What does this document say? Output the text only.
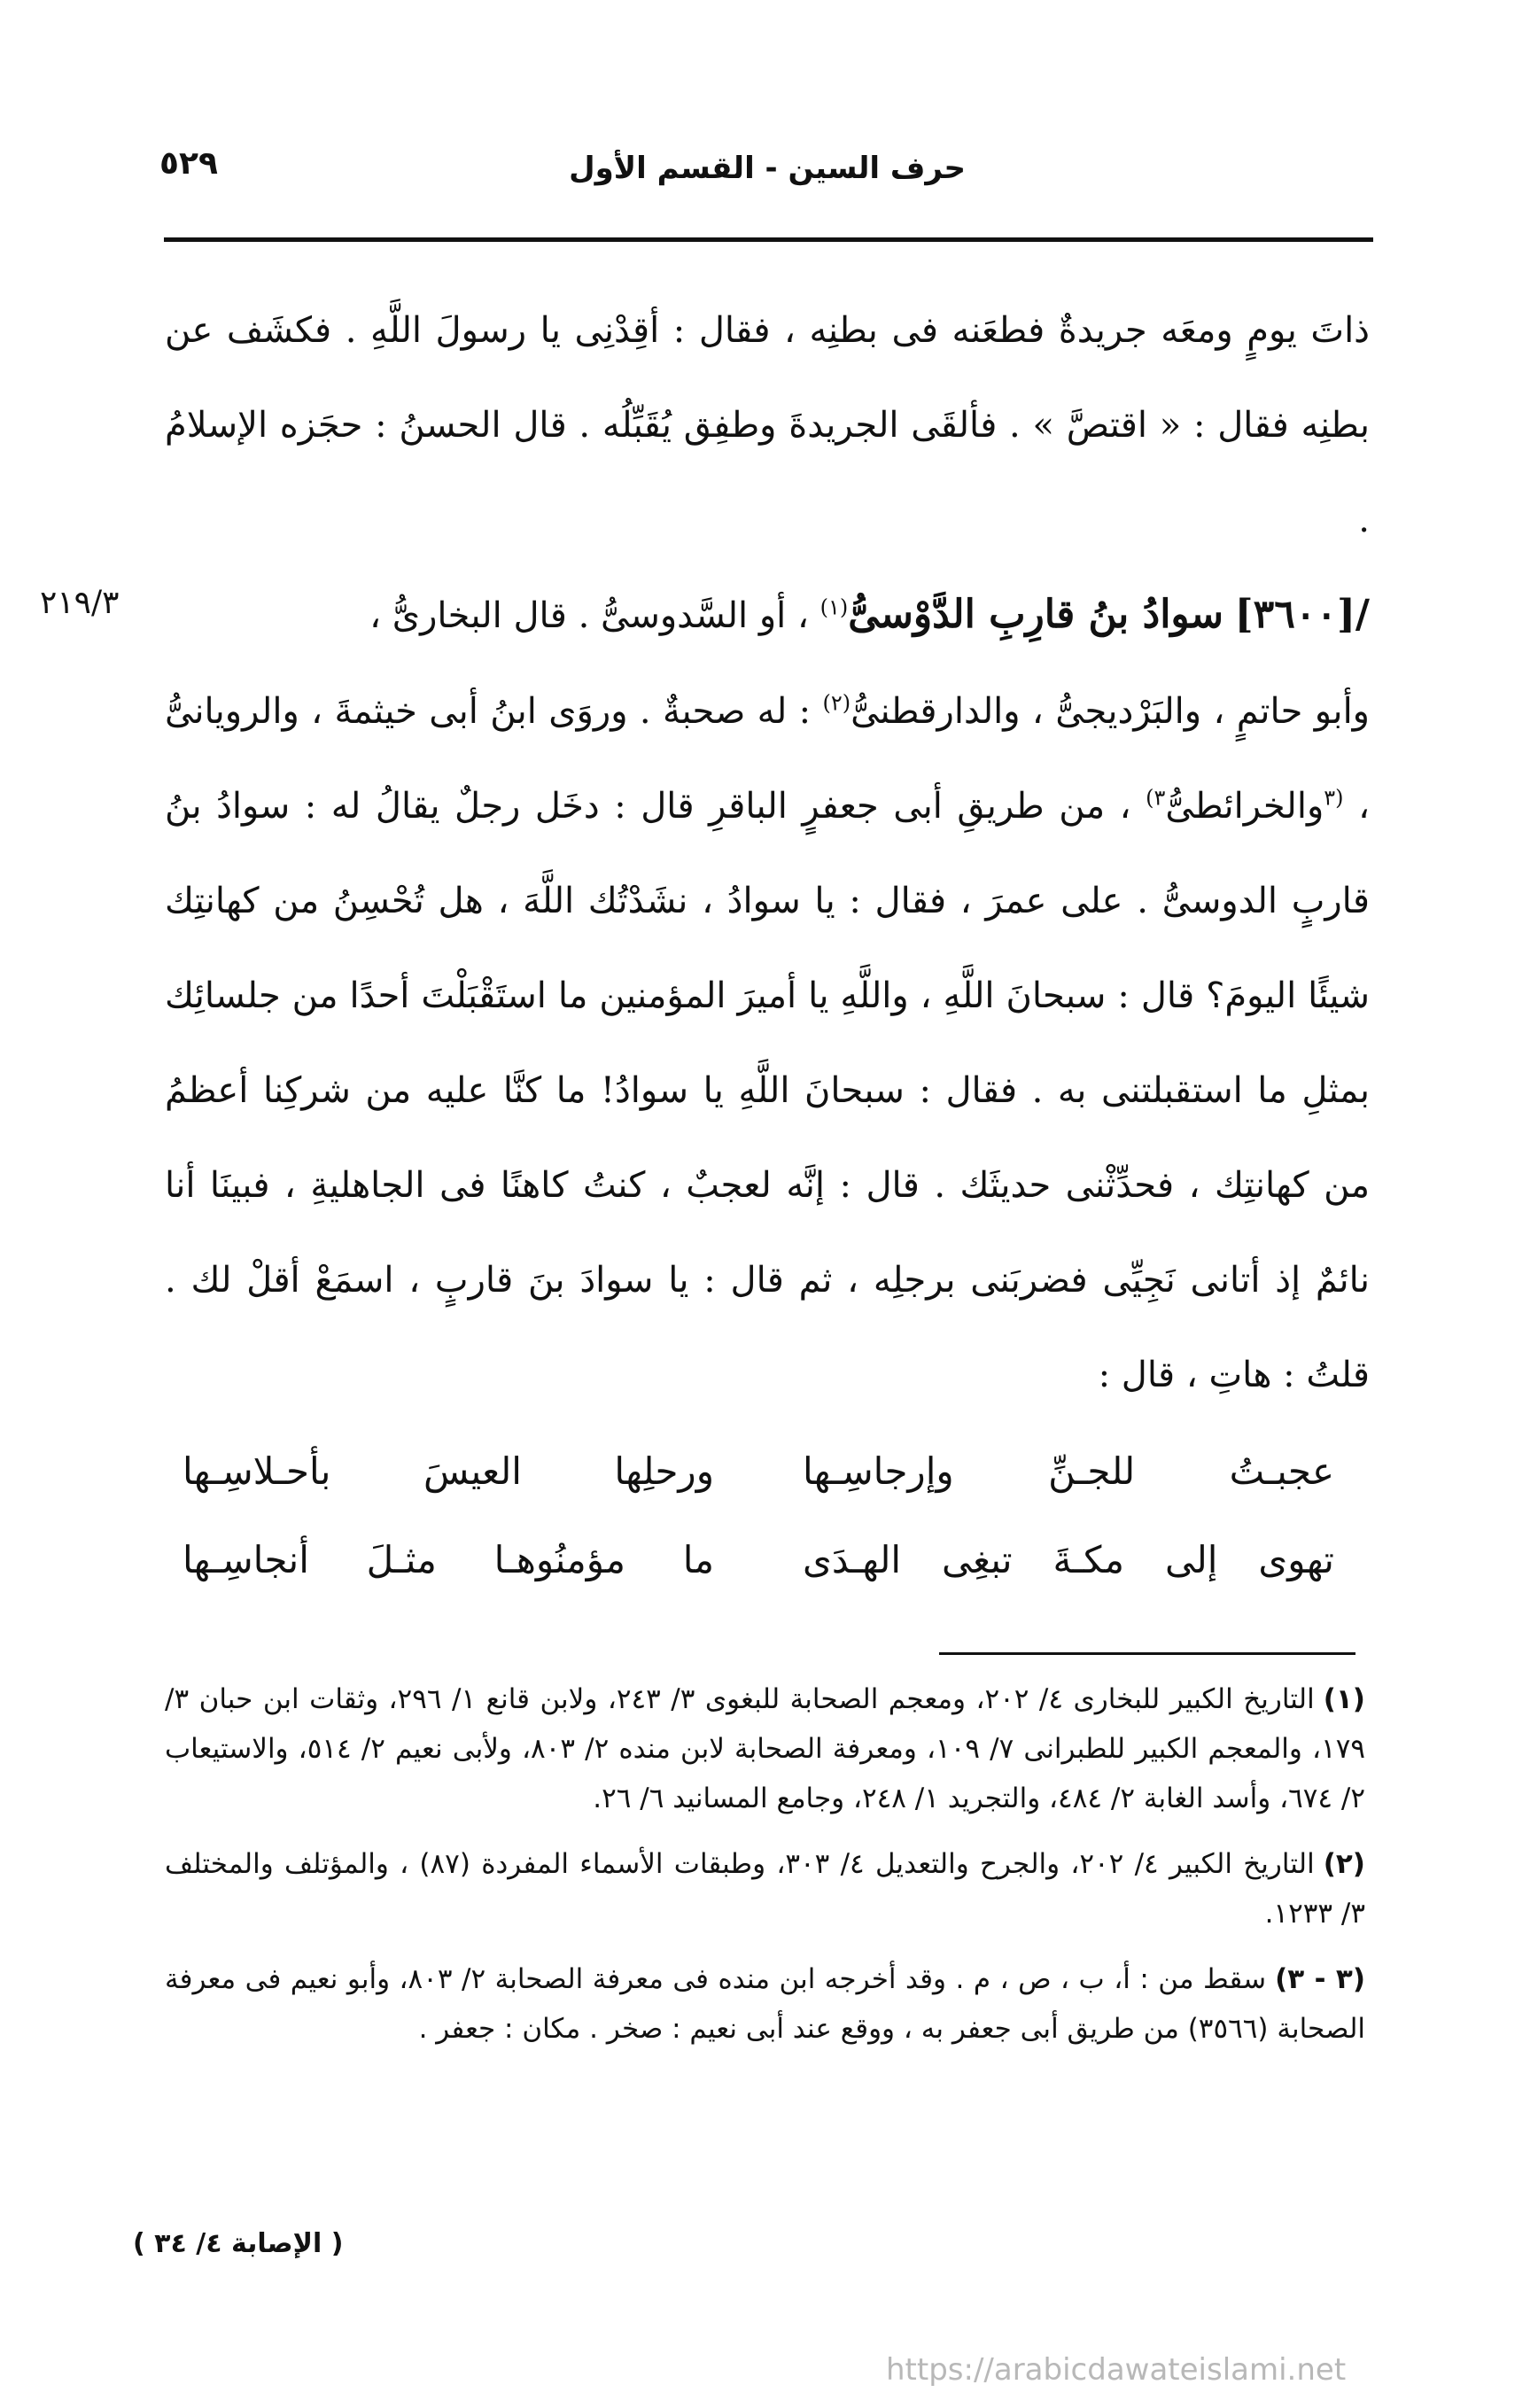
حرف السين - القسم الأول
٥٢٩

ذاتَ يومٍ ومعَه جريدةٌ فطعَنه فى بطنِه ، فقال : أقِدْنِى يا رسولَ اللَّهِ . فكشَف عن بطنِه فقال : « اقتصَّ » . فألقَى الجريدةَ وطفِق يُقَبِّلُه . قال الحسنُ : حجَزه الإسلامُ .

/[٣٦٠٠] سوادُ بنُ قارِبِ الدَّوْسىُّ$^{(١)}$ ، أو السَّدوسىُّ . قال البخارىُّ ،
٢١٩/٣
وأبو حاتمٍ ، والبَرْديجىُّ ، والدارقطنىُّ$^{(٢)}$ : له صحبةٌ . وروَى ابنُ أبى خيثمةَ ، والرويانىُّ ، $^{(٣}$والخرائطىُّ$^{٣)}$ ، من طريقِ أبى جعفرٍ الباقرِ قال : دخَل رجلٌ يقالُ له : سوادُ بنُ قاربٍ الدوسىُّ . على عمرَ ، فقال : يا سوادُ ، نشَدْتُك اللَّهَ ، هل تُحْسِنُ من كهانتِك شيئًا اليومَ؟ قال : سبحانَ اللَّهِ ، واللَّهِ يا أميرَ المؤمنين ما استَقْبَلْتَ أحدًا من جلسائِك بمثلِ ما استقبلتنى به . فقال : سبحانَ اللَّهِ يا سوادُ! ما كنَّا عليه من شركِنا أعظمُ من كهانتِك ، فحدِّثْنى حديثَك . قال : إنَّه لعجبٌ ، كنتُ كاهنًا فى الجاهليةِ ، فبينَا أنا نائمٌ إذ أتانى نَجِيِّى فضربَنى برجلِه ، ثم قال : يا سوادَ بنَ قاربٍ ، اسمَعْ أقلْ لك . قلتُ : هاتِ ، قال :
عجبـتُ للجـنِّ وإرجاسِـها
ورحلِها العيسَ بأحـلاسِـها
تهوى إلى مكـةَ تبغِى الهـدَى
ما مؤمنُوهـا مثـلَ أنجاسِـها

(١)التاريخ الكبير للبخارى ٤/ ٢٠٢، ومعجم الصحابة للبغوى ٣/ ٢٤٣، ولابن قانع ١/ ٢٩٦، وثقات ابن حبان ٣/ ١٧٩، والمعجم الكبير للطبرانى ٧/ ١٠٩، ومعرفة الصحابة لابن منده ٢/ ٨٠٣، ولأبى نعيم ٢/ ٥١٤، والاستيعاب ٢/ ٦٧٤، وأسد الغابة ٢/ ٤٨٤، والتجريد ١/ ٢٤٨، وجامع المسانيد ٦/ ٢٦.

(٢)التاريخ الكبير ٤/ ٢٠٢، والجرح والتعديل ٤/ ٣٠٣، وطبقات الأسماء المفردة (٨٧) ، والمؤتلف والمختلف ٣/ ١٢٣٣.

(٣ - ٣)سقط من : أ، ب ، ص ، م . وقد أخرجه ابن منده فى معرفة الصحابة ٢/ ٨٠٣، وأبو نعيم فى معرفة الصحابة (٣٥٦٦) من طريق أبى جعفر به ، ووقع عند أبى نعيم : صخر . مكان : جعفر .

( الإصابة ٤/ ٣٤ )
https://arabicdawateislami.net
